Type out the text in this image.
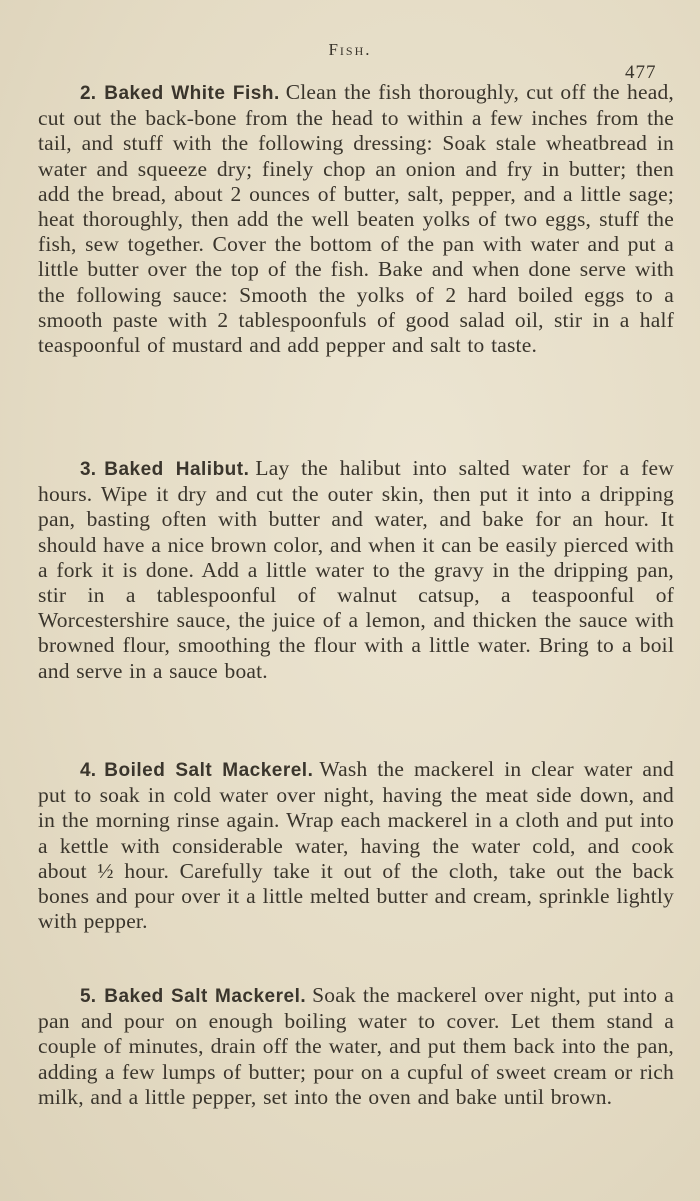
Fish.
477
2. Baked White Fish. Clean the fish thoroughly, cut off the head, cut out the back-bone from the head to within a few inches from the tail, and stuff with the following dressing: Soak stale wheatbread in water and squeeze dry; finely chop an onion and fry in butter; then add the bread, about 2 ounces of butter, salt, pepper, and a little sage; heat thoroughly, then add the well beaten yolks of two eggs, stuff the fish, sew together. Cover the bottom of the pan with water and put a little butter over the top of the fish. Bake and when done serve with the following sauce: Smooth the yolks of 2 hard boiled eggs to a smooth paste with 2 tablespoonfuls of good salad oil, stir in a half teaspoonful of mustard and add pepper and salt to taste.
3. Baked Halibut. Lay the halibut into salted water for a few hours. Wipe it dry and cut the outer skin, then put it into a dripping pan, basting often with butter and water, and bake for an hour. It should have a nice brown color, and when it can be easily pierced with a fork it is done. Add a little water to the gravy in the dripping pan, stir in a tablespoonful of walnut catsup, a teaspoonful of Worcestershire sauce, the juice of a lemon, and thicken the sauce with browned flour, smoothing the flour with a little water. Bring to a boil and serve in a sauce boat.
4. Boiled Salt Mackerel. Wash the mackerel in clear water and put to soak in cold water over night, having the meat side down, and in the morning rinse again. Wrap each mackerel in a cloth and put into a kettle with considerable water, having the water cold, and cook about ½ hour. Carefully take it out of the cloth, take out the back bones and pour over it a little melted butter and cream, sprinkle lightly with pepper.
5. Baked Salt Mackerel. Soak the mackerel over night, put into a pan and pour on enough boiling water to cover. Let them stand a couple of minutes, drain off the water, and put them back into the pan, adding a few lumps of butter; pour on a cupful of sweet cream or rich milk, and a little pepper, set into the oven and bake until brown.
